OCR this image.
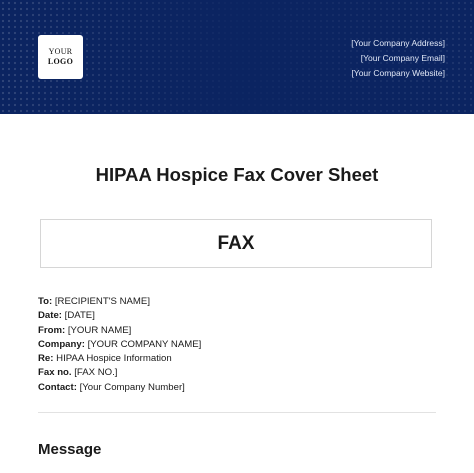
YOUR
LOGO
[Your Company Address]
[Your Company Email]
[Your Company Website]
HIPAA Hospice Fax Cover Sheet
FAX
To: [RECIPIENT'S NAME]
Date: [DATE]
From: [YOUR NAME]
Company: [YOUR COMPANY NAME]
Re: HIPAA Hospice Information
Fax no. [FAX NO.]
Contact: [Your Company Number]
Message
